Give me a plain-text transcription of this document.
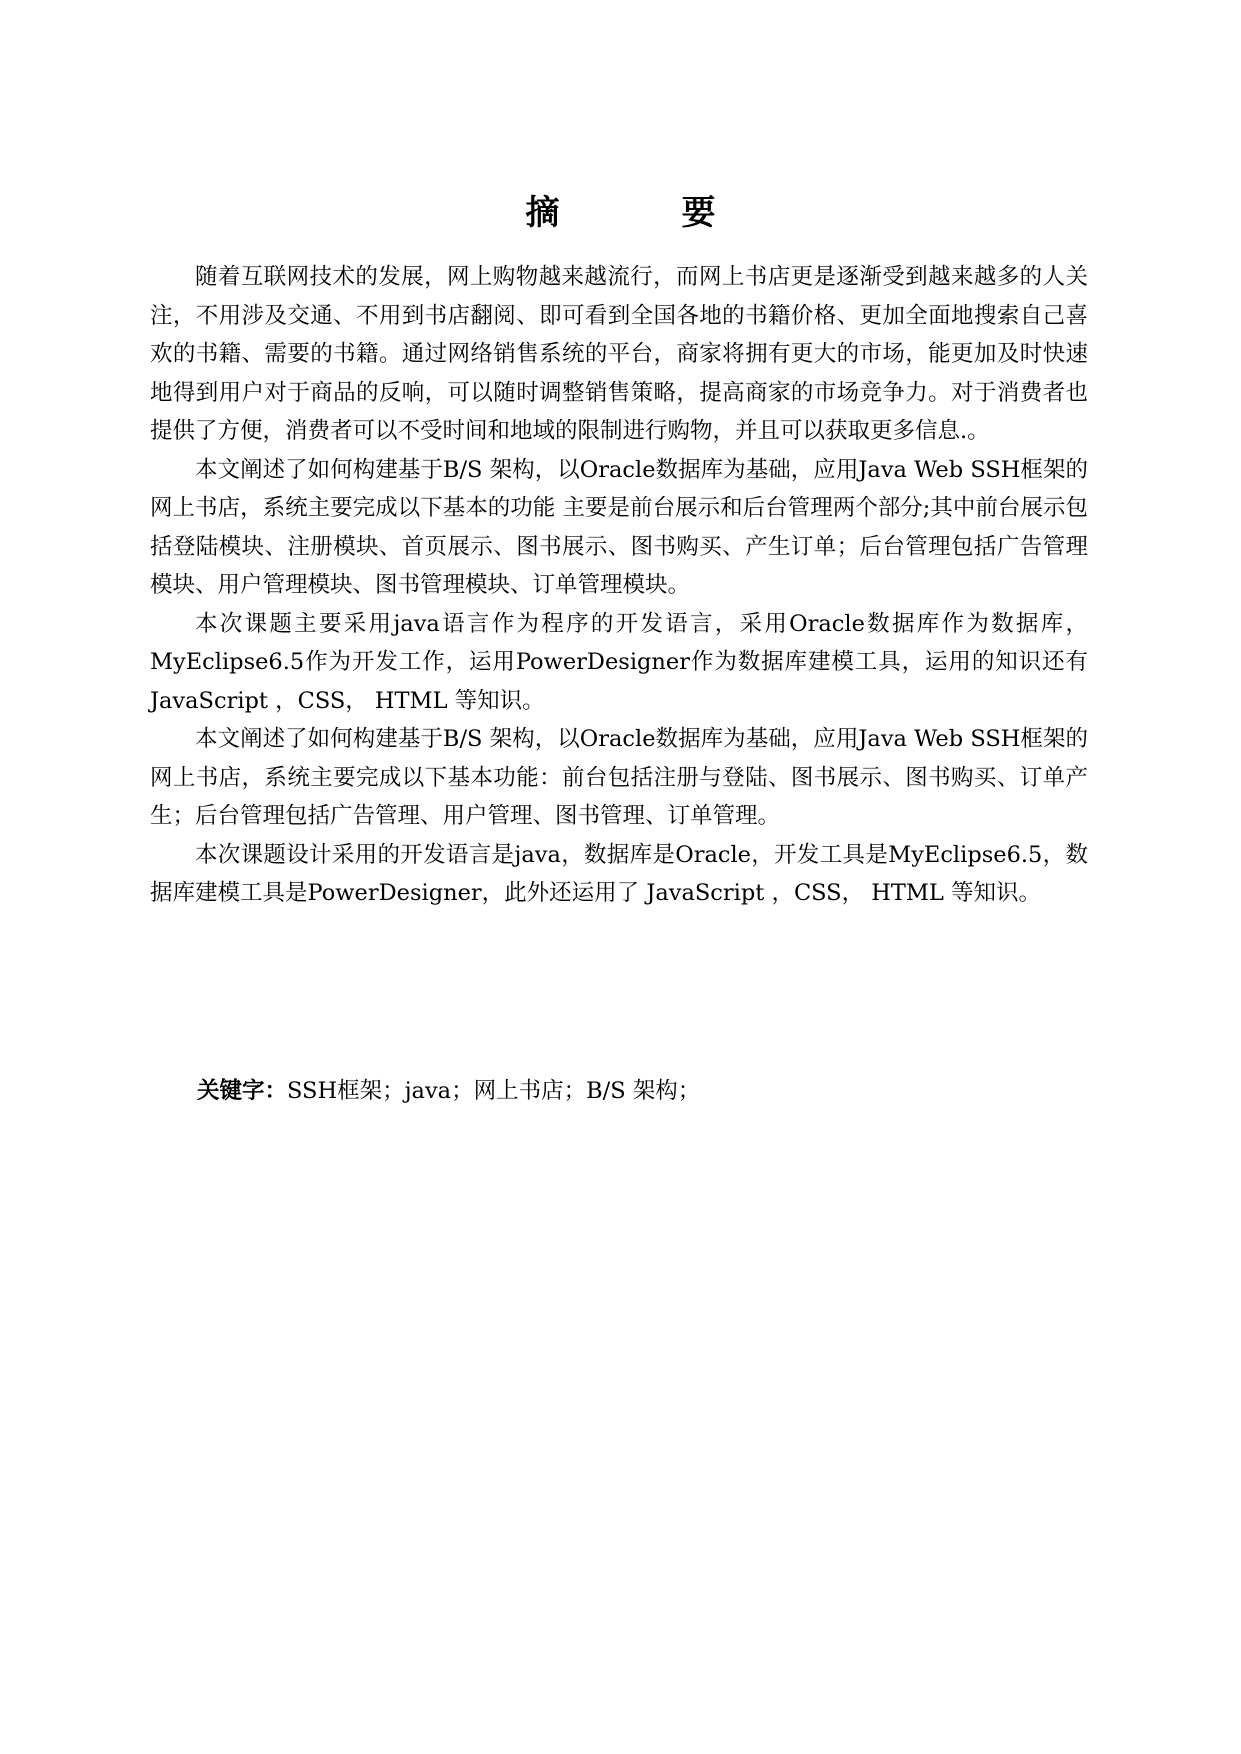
摘　要

随着互联网技术的发展，网上购物越来越流行，而网上书店更是逐渐受到越来越多的人关注，不用涉及交通、不用到书店翻阅、即可看到全国各地的书籍价格、更加全面地搜索自己喜欢的书籍、需要的书籍。通过网络销售系统的平台，商家将拥有更大的市场，能更加及时快速地得到用户对于商品的反响，可以随时调整销售策略，提高商家的市场竞争力。对于消费者也提供了方便，消费者可以不受时间和地域的限制进行购物，并且可以获取更多信息.。

本文阐述了如何构建基于B/S 架构，以Oracle数据库为基础，应用Java Web SSH框架的网上书店，系统主要完成以下基本的功能 主要是前台展示和后台管理两个部分;其中前台展示包括登陆模块、注册模块、首页展示、图书展示、图书购买、产生订单；后台管理包括广告管理模块、用户管理模块、图书管理模块、订单管理模块。

本次课题主要采用java语言作为程序的开发语言，采用Oracle数据库作为数据库，MyEclipse6.5作为开发工作，运用PowerDesigner作为数据库建模工具，运用的知识还有 JavaScript ，CSS， HTML 等知识。

本文阐述了如何构建基于B/S 架构，以Oracle数据库为基础，应用Java Web SSH框架的网上书店，系统主要完成以下基本功能：前台包括注册与登陆、图书展示、图书购买、订单产生；后台管理包括广告管理、用户管理、图书管理、订单管理。

本次课题设计采用的开发语言是java，数据库是Oracle，开发工具是MyEclipse6.5，数据库建模工具是PowerDesigner，此外还运用了 JavaScript ，CSS， HTML 等知识。

关键字：SSH框架；java；网上书店；B/S 架构；
